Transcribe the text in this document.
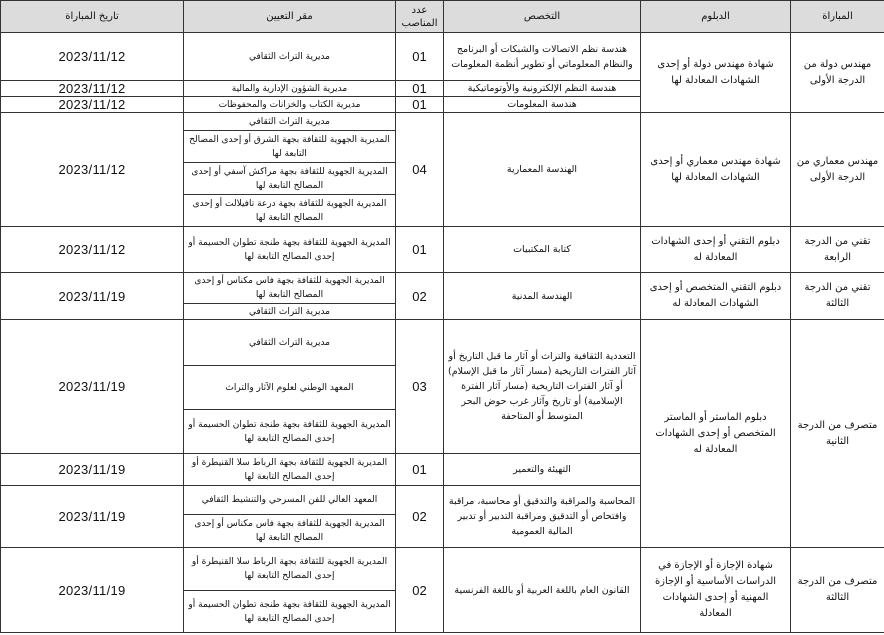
المباراة	الدبلوم	التخصص	عدد المناصب	مقر التعيين	تاريخ المباراة
مهندس دولة من الدرجة الأولى	شهادة مهندس دولة أو إحدى الشهادات المعادلة لها	هندسة نظم الاتصالات والشبكات أو البرنامج والنظام المعلوماتي أو تطوير أنظمة المعلومات	01	مديرية التراث الثقافي	2023/11/12
		هندسة النظم الإلكترونية والأوتوماتيكية	01	مديرية الشؤون الإدارية والمالية	2023/11/12
		هندسة المعلومات	01	مديرية الكتاب والخزانات والمحفوظات	2023/11/12
مهندس معماري من الدرجة الأولى	شهادة مهندس معماري أو إحدى الشهادات المعادلة لها	الهندسة المعمارية	04	مديرية التراث الثقافي	2023/11/12
				المديرية الجهوية للثقافة بجهة الشرق أو إحدى المصالح التابعة لها	
				المديرية الجهوية للثقافة بجهة مراكش آسفي أو إحدى المصالح التابعة لها	
				المديرية الجهوية للثقافة بجهة درعة تافيلالت أو إحدى المصالح التابعة لها	
تقني من الدرجة الرابعة	دبلوم التقني أو إحدى الشهادات المعادلة له	كتابة المكتبيات	01	المديرية الجهوية للثقافة بجهة طنجة تطوان الحسيمة أو إحدى المصالح التابعة لها	2023/11/12
تقني من الدرجة الثالثة	دبلوم التقني المتخصص أو إحدى الشهادات المعادلة له	الهندسة المدنية	02	المديرية الجهوية للثقافة بجهة فاس مكناس أو إحدى المصالح التابعة لها	2023/11/19
				مديرية التراث الثقافي	
متصرف من الدرجة الثانية	دبلوم الماستر أو الماستر المتخصص أو إحدى الشهادات المعادلة له	التعددية الثقافية والتراث أو آثار ما قبل التاريخ أو آثار الفترات التاريخية (مسار آثار ما قبل الإسلام) أو آثار الفترات التاريخية (مسار آثار الفترة الإسلامية) أو تاريخ وآثار غرب حوض البحر المتوسط أو المتاحفة	03	مديرية التراث الثقافي	2023/11/19
				المعهد الوطني لعلوم الآثار والتراث	
				المديرية الجهوية للثقافة بجهة طنجة تطوان الحسيمة أو إحدى المصالح التابعة لها	
		التهيئة والتعمير	01	المديرية الجهوية للثقافة بجهة الرباط سلا القنيطرة أو إحدى المصالح التابعة لها	2023/11/19
		المحاسبة والمراقبة والتدقيق أو محاسبة، مراقبة وافتحاص أو التدقيق ومراقبة التدبير أو تدبير المالية العمومية	02	المعهد العالي للفن المسرحي والتنشيط الثقافي	2023/11/19
				المديرية الجهوية للثقافة بجهة فاس مكناس أو إحدى المصالح التابعة لها	
متصرف من الدرجة الثالثة	شهادة الإجازة أو الإجازة في الدراسات الأساسية أو الإجازة المهنية أو إحدى الشهادات المعادلة	القانون العام باللغة العربية أو باللغة الفرنسية	02	المديرية الجهوية للثقافة بجهة الرباط سلا القنيطرة أو إحدى المصالح التابعة لها	2023/11/19
				المديرية الجهوية للثقافة بجهة طنجة تطوان الحسيمة أو إحدى المصالح التابعة لها	
